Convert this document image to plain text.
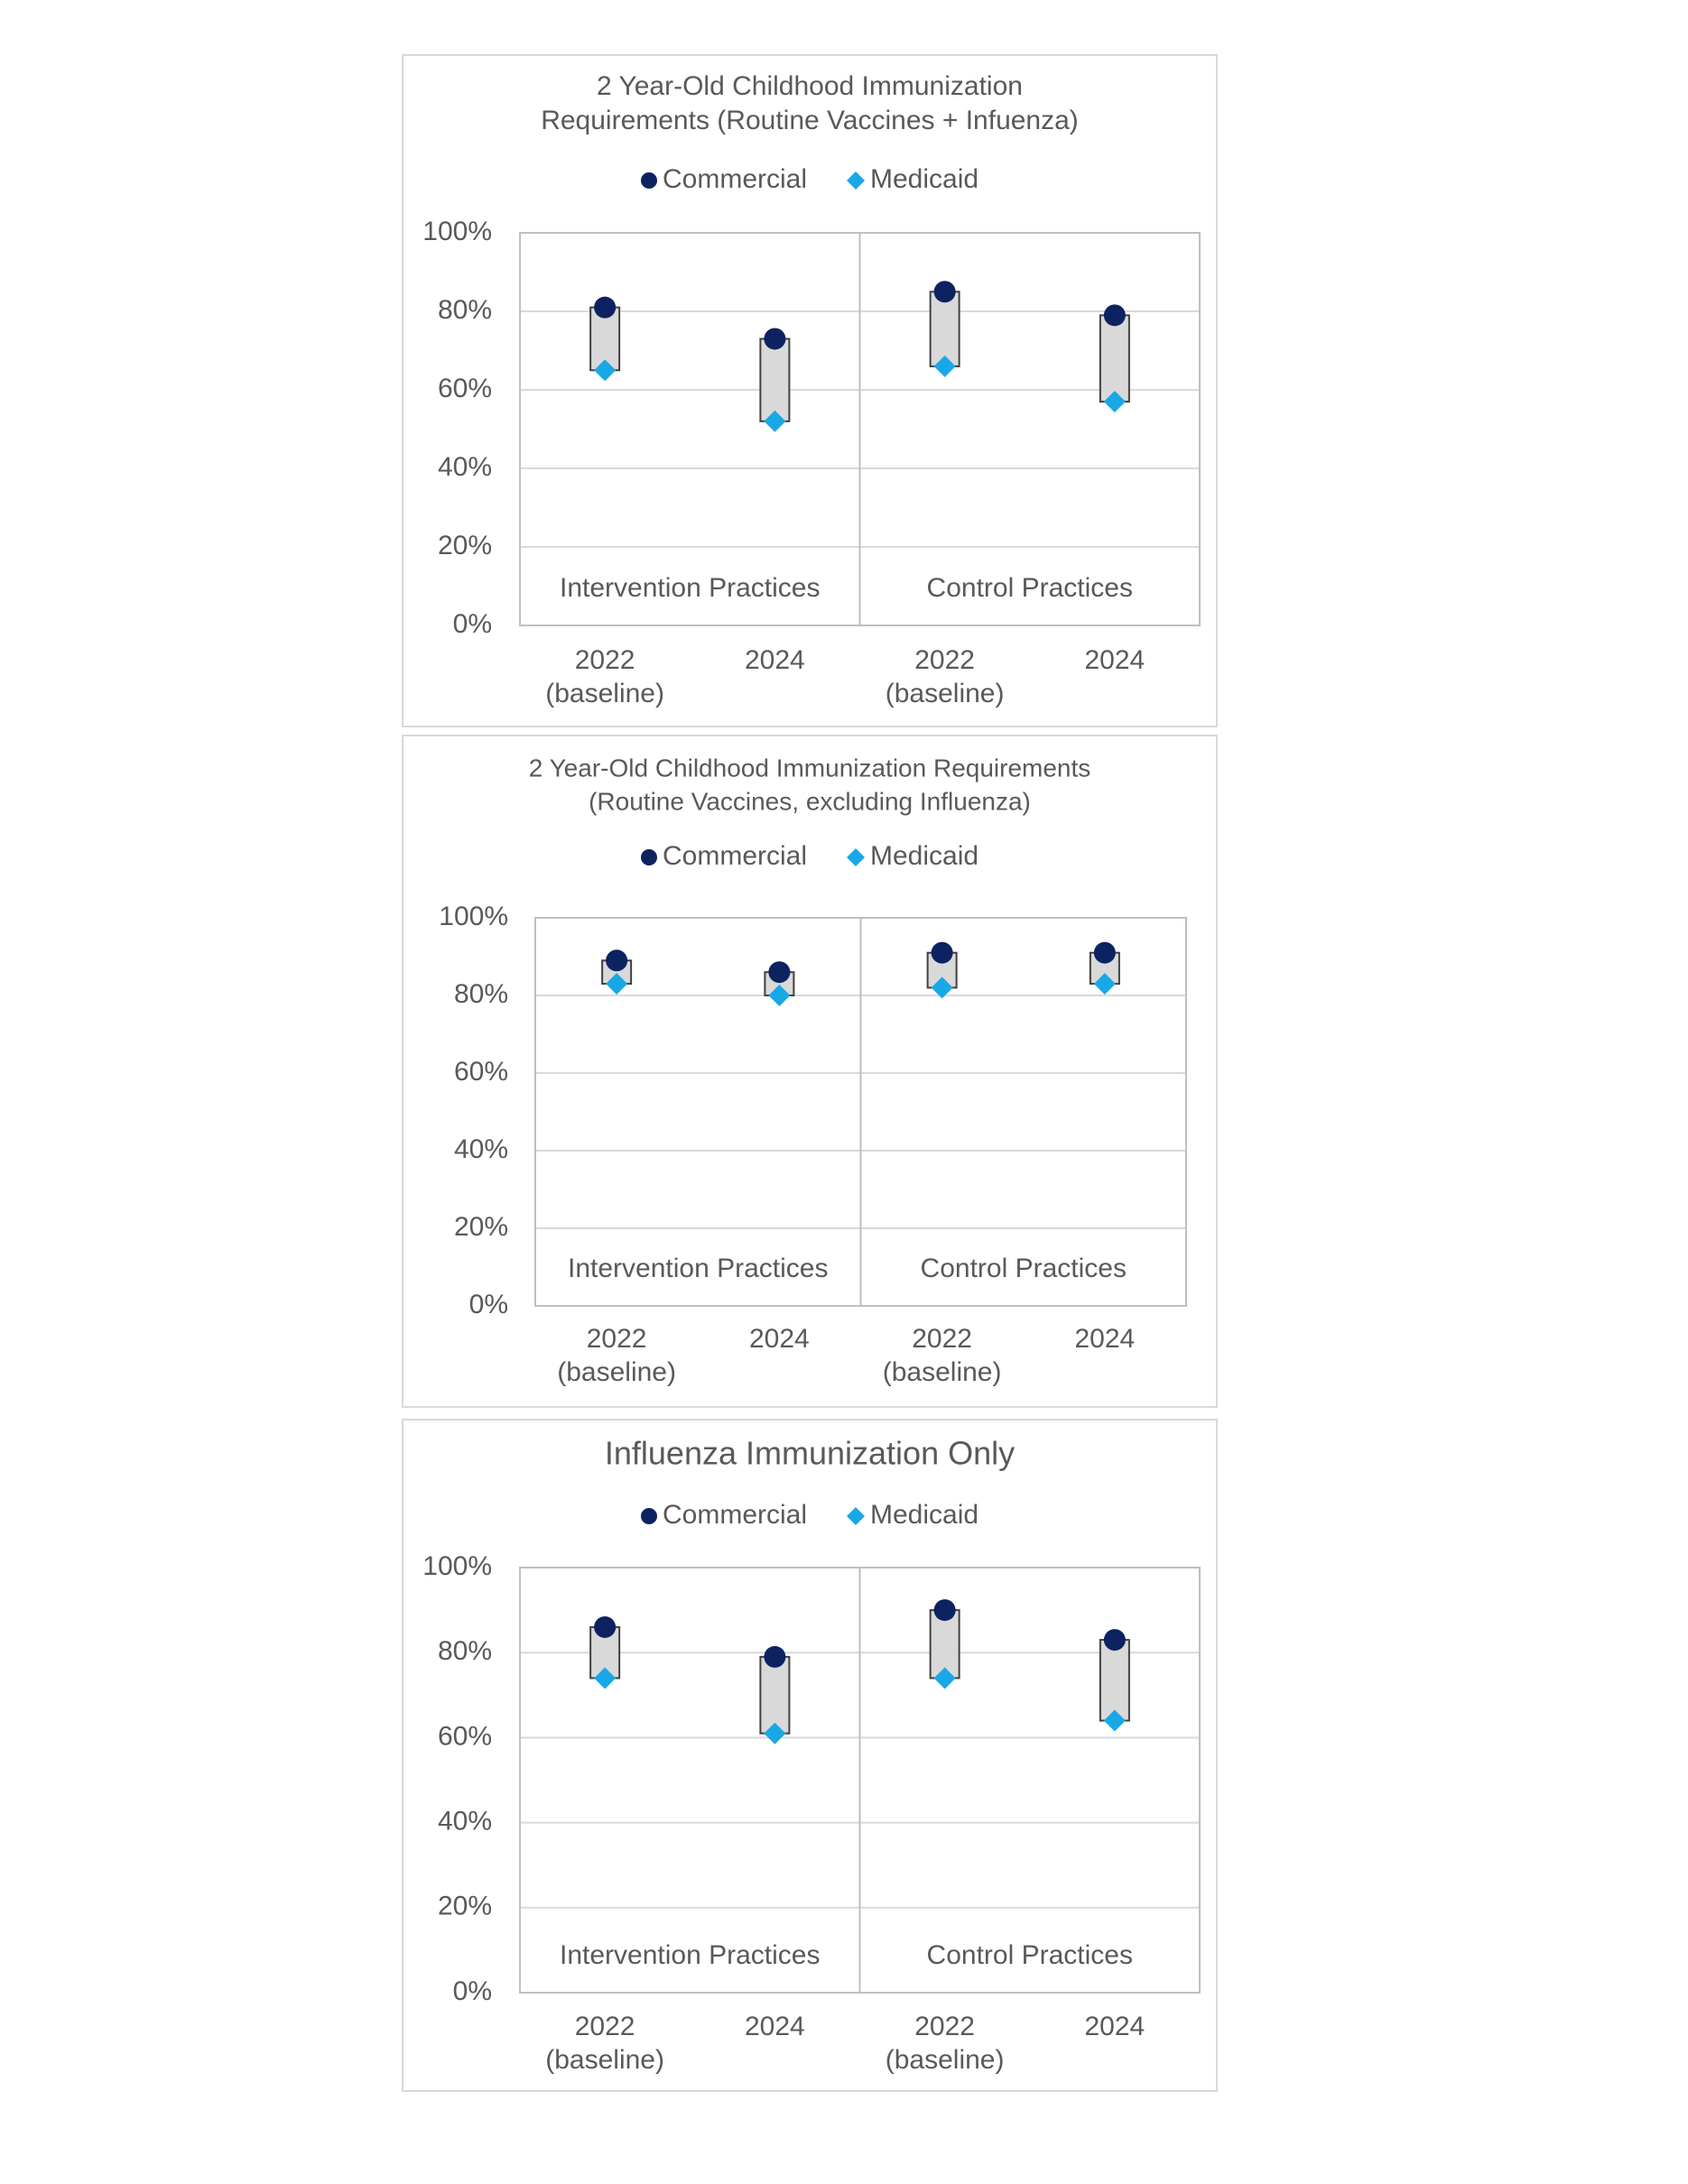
2 Year-Old Childhood Immunization
Requirements (Routine Vaccines + Infuenza)
Commercial Medicaid
0%
20%
40%
60%
80%
100%
Intervention Practices	Control Practices
2022
(baseline)
2024	2022
(baseline)
2024
2 Year-Old Childhood Immunization Requirements
(Routine Vaccines, excluding Influenza)
Commercial Medicaid
0%
20%
40%
60%
80%
100%
Intervention Practices	Control Practices
2022
(baseline)
2024	2022
(baseline)
2024
Influenza Immunization Only
Commercial Medicaid
0%
20%
40%
60%
80%
100%
Intervention Practices	Control Practices
2022
(baseline)
2024	2022
(baseline)
2024
